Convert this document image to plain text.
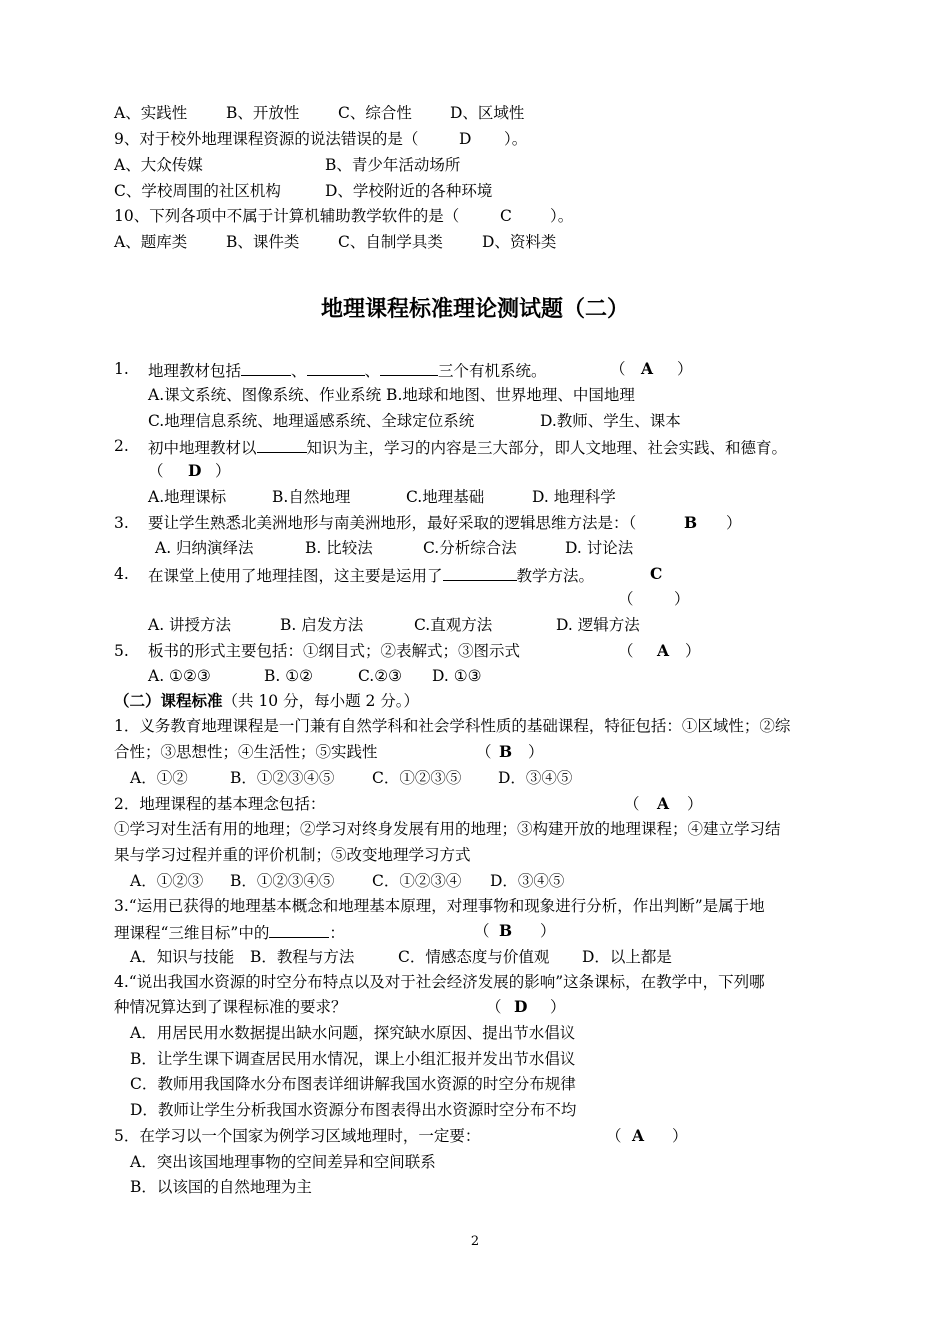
A、实践性	B、开放性 C、综合性 D、区域性
9、对于校外地理课程资源的说法错误的是（	D ）。
A、大众传媒	B、青少年活动场所
C、学校周围的社区机构	D、学校附近的各种环境
10、下列各项中不属于计算机辅助教学软件的是（	C ）。
A、题库类	B、课件类 C、自制学具类	D、资料类
地理课程标准理论测试题（二）
1. 地理教材包括	、	、	三个有机系统。	（ A ）
A.课文系统、图像系统、作业系统 B.地球和地图、世界地理、中国地理
C.地理信息系统、地理遥感系统、全球定位系统	D.教师、学生、课本
2. 初中地理教材以	知识为主，学习的内容是三大部分，即人文地理、社会实践、和德育。
（ D ）
A.地理课标	B.自然地理	C.地理基础	D. 地理科学
3. 要让学生熟悉北美洲地形与南美洲地形，最好采取的逻辑思维方法是：（	B ）
A. 归纳演绎法	B. 比较法	C.分析综合法	D. 讨论法
4. 在课堂上使用了地理挂图，这主要是运用了	教学方法。	C
（	）
A. 讲授方法	B. 启发方法	C.直观方法	D. 逻辑方法
5. 板书的形式主要包括：①纲目式；②表解式；③图示式	（ A ）
A. ①②③	B. ①②	C.②③ D. ①③
（二）课程标准（共 10 分，每小题 2 分。）
1．义务教育地理课程是一门兼有自然学科和社会学科性质的基础课程，特征包括：①区域性；②综
合性；③思想性；④生活性；⑤实践性	（ B ）
A．①②	B．①②③④⑤ C．①②③⑤ D．③④⑤
2．地理课程的基本理念包括：	（ A ）
①学习对生活有用的地理；②学习对终身发展有用的地理；③构建开放的地理课程；④建立学习结
果与学习过程并重的评价机制；⑤改变地理学习方式
A．①②③ B．①②③④⑤ C．①②③④ D．③④⑤
3.“运用已获得的地理基本概念和地理基本原理，对理事物和现象进行分析，作出判断”是属于地
理课程“三维目标”中的	：	（ B ）
A．知识与技能 B．教程与方法	C．情感态度与价值观 D．以上都是
4.“说出我国水资源的时空分布特点以及对于社会经济发展的影响”这条课标，在教学中，下列哪
种情况算达到了课程标准的要求？	（ D ）
A．用居民用水数据提出缺水问题，探究缺水原因、提出节水倡议
B．让学生课下调查居民用水情况，课上小组汇报并发出节水倡议
C．教师用我国降水分布图表详细讲解我国水资源的时空分布规律
D．教师让学生分析我国水资源分布图表得出水资源时空分布不均
5．在学习以一个国家为例学习区域地理时，一定要：	（ A ）
A．突出该国地理事物的空间差异和空间联系
B．以该国的自然地理为主
2
